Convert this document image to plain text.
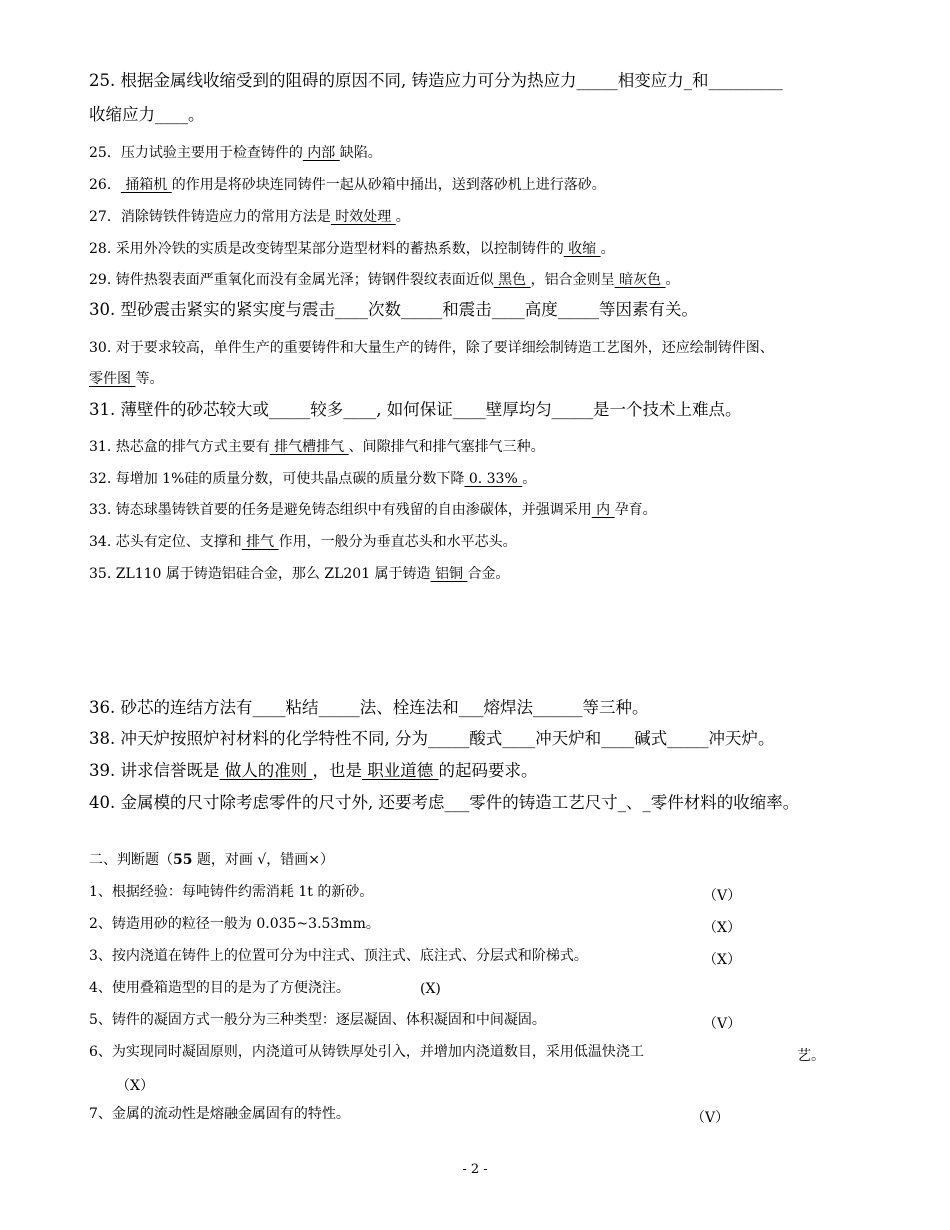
25. 根据金属线收缩受到的阻碍的原因不同, 铸造应力可分为热应力_____相变应力_和_________
收缩应力____。
25．压力试验主要用于检查铸件的 内部 缺陷。
26． 捅箱机 的作用是将砂块连同铸件一起从砂箱中捅出，送到落砂机上进行落砂。
27．消除铸铁件铸造应力的常用方法是 时效处理 。
28. 采用外冷铁的实质是改变铸型某部分造型材料的蓄热系数，以控制铸件的 收缩 。
29. 铸件热裂表面严重氧化而没有金属光泽；铸钢件裂纹表面近似 黑色 ，铝合金则呈 暗灰色 。
30. 型砂震击紧实的紧实度与震击____次数_____和震击____高度_____等因素有关。
30. 对于要求较高，单件生产的重要铸件和大量生产的铸件，除了要详细绘制铸造工艺图外，还应绘制铸件图、
零件图 等。
31. 薄壁件的砂芯较大或_____较多____, 如何保证____壁厚均匀_____是一个技术上难点。
31. 热芯盒的排气方式主要有 排气槽排气 、间隙排气和排气塞排气三种。
32. 每增加 1%硅的质量分数，可使共晶点碳的质量分数下降 0. 33% 。
33. 铸态球墨铸铁首要的任务是避免铸态组织中有残留的自由渗碳体，并强调采用 内 孕育。
34. 芯头有定位、支撑和 排气 作用，一般分为垂直芯头和水平芯头。
35. ZL110 属于铸造铝硅合金，那么 ZL201 属于铸造 铝铜 合金。
36. 砂芯的连结方法有____粘结_____法、栓连法和___熔焊法______等三种。
38. 冲天炉按照炉衬材料的化学特性不同, 分为_____酸式____冲天炉和____碱式_____冲天炉。
39. 讲求信誉既是 做人的准则 ，也是 职业道德 的起码要求。
40. 金属模的尺寸除考虑零件的尺寸外, 还要考虑___零件的铸造工艺尺寸_、_零件材料的收缩率。
二、判断题（55 题，对画 √，错画×）
1、根据经验：每吨铸件约需消耗 1t 的新砂。	（V）
2、铸造用砂的粒径一般为 0.035~3.53mm。	（X）
3、按内浇道在铸件上的位置可分为中注式、顶注式、底注式、分层式和阶梯式。	（X）
4、使用叠箱造型的目的是为了方便浇注。	(X)
5、铸件的凝固方式一般分为三种类型：逐层凝固、体积凝固和中间凝固。	（V）
6、为实现同时凝固原则，内浇道可从铸铁厚处引入，并增加内浇道数目，采用低温快浇工	艺。
（X）
7、金属的流动性是熔融金属固有的特性。	（V）
- 2 -
